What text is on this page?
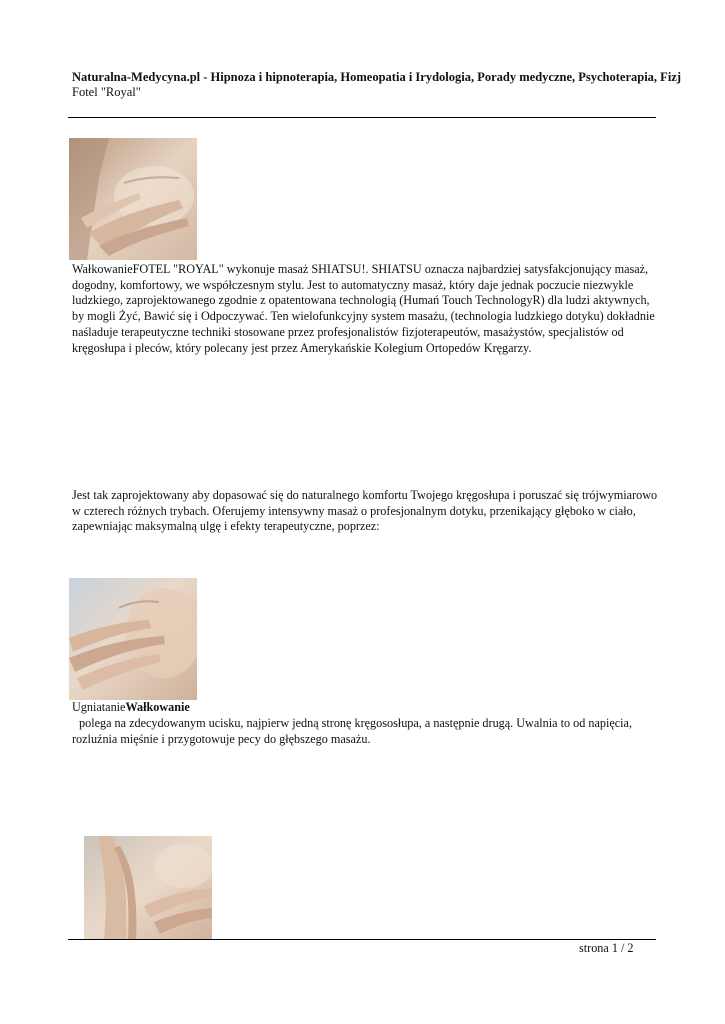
Naturalna-Medycyna.pl - Hipnoza i hipnoterapia, Homeopatia i Irydologia, Porady medyczne, Psychoterapia, Fizj
Fotel "Royal"

WałkowanieFOTEL "ROYAL" wykonuje masaż SHIATSU!. SHIATSU oznacza najbardziej satysfakcjonujący masaż, dogodny, komfortowy, we współczesnym stylu. Jest to automatyczny masaż, który daje jednak poczucie niezwykle ludzkiego, zaprojektowanego zgodnie z opatentowana technologią (Humań Touch TechnologyR) dla ludzi aktywnych, by mogli Żyć, Bawić się i Odpoczywać. Ten wielofunkcyjny system masażu, (technologia ludzkiego dotyku) dokładnie naśladuje terapeutyczne techniki stosowane przez profesjonalistów fizjoterapeutów, masażystów, specjalistów od kręgosłupa i pleców, który polecany jest przez Amerykańskie Kolegium Ortopedów Kręgarzy.

Jest tak zaprojektowany aby dopasować się do naturalnego komfortu Twojego kręgosłupa i poruszać się trójwymiarowo w czterech różnych trybach. Oferujemy intensywny masaż o profesjonalnym dotyku, przenikający głęboko w ciało, zapewniając maksymalną ulgę i efekty terapeutyczne, poprzez:

UgniatanieWałkowanie
polega na zdecydowanym ucisku, najpierw jedną stronę kręgososłupa, a następnie drugą. Uwalnia to od napięcia,
rozluźnia mięśnie i przygotowuje pecy do głębszego masażu.
strona 1 / 2
